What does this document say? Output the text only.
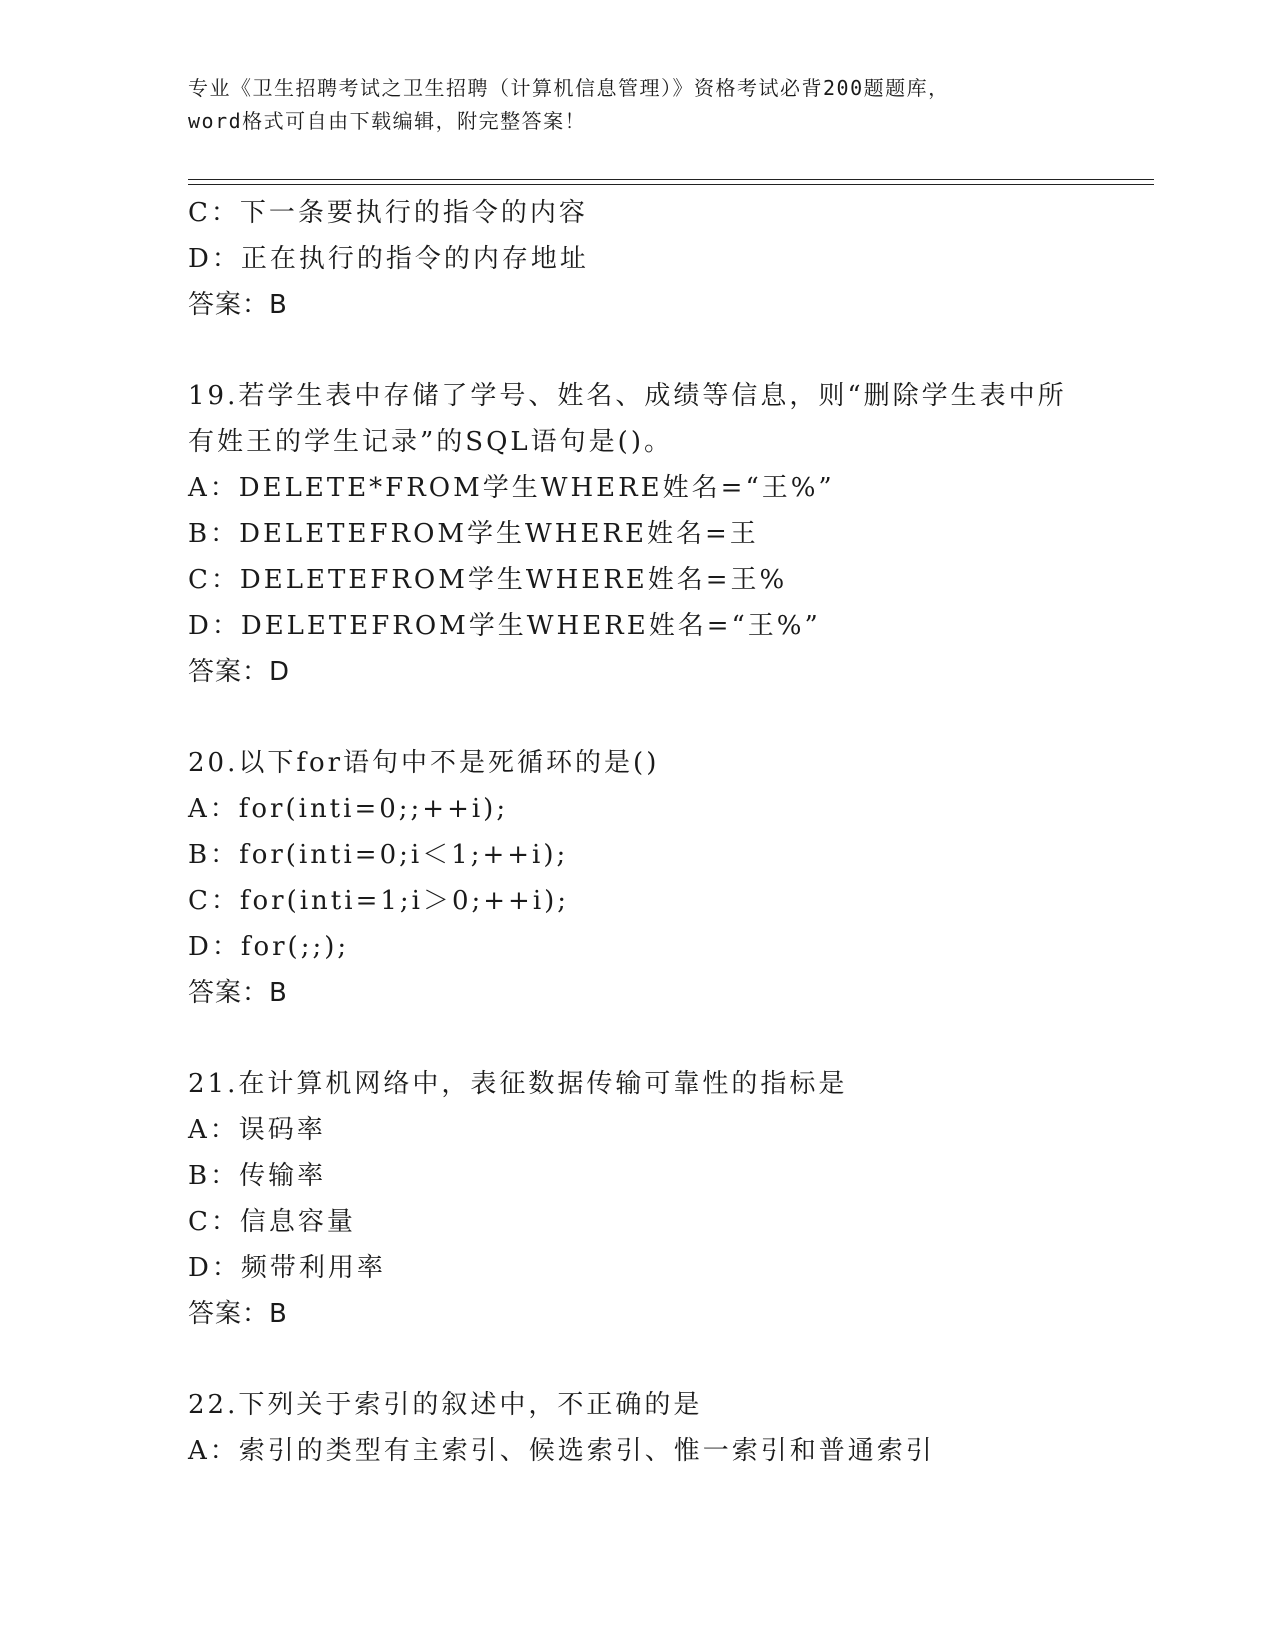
专业《卫生招聘考试之卫生招聘（计算机信息管理）》资格考试必背200题题库，
word格式可自由下载编辑，附完整答案！
C：下一条要执行的指令的内容
D：正在执行的指令的内存地址
答案：B
19.若学生表中存储了学号、姓名、成绩等信息，则“删除学生表中所
有姓王的学生记录”的SQL语句是()。
A：DELETE*FROM学生WHERE姓名=“王%”
B：DELETEFROM学生WHERE姓名=王
C：DELETEFROM学生WHERE姓名=王%
D：DELETEFROM学生WHERE姓名=“王%”
答案：D
20.以下for语句中不是死循环的是()
A：for(inti=0;;++i);
B：for(inti=0;i＜1;++i);
C：for(inti=1;i＞0;++i);
D：for(;;);
答案：B
21.在计算机网络中，表征数据传输可靠性的指标是
A：误码率
B：传输率
C：信息容量
D：频带利用率
答案：B
22.下列关于索引的叙述中，不正确的是
A：索引的类型有主索引、候选索引、惟一索引和普通索引
